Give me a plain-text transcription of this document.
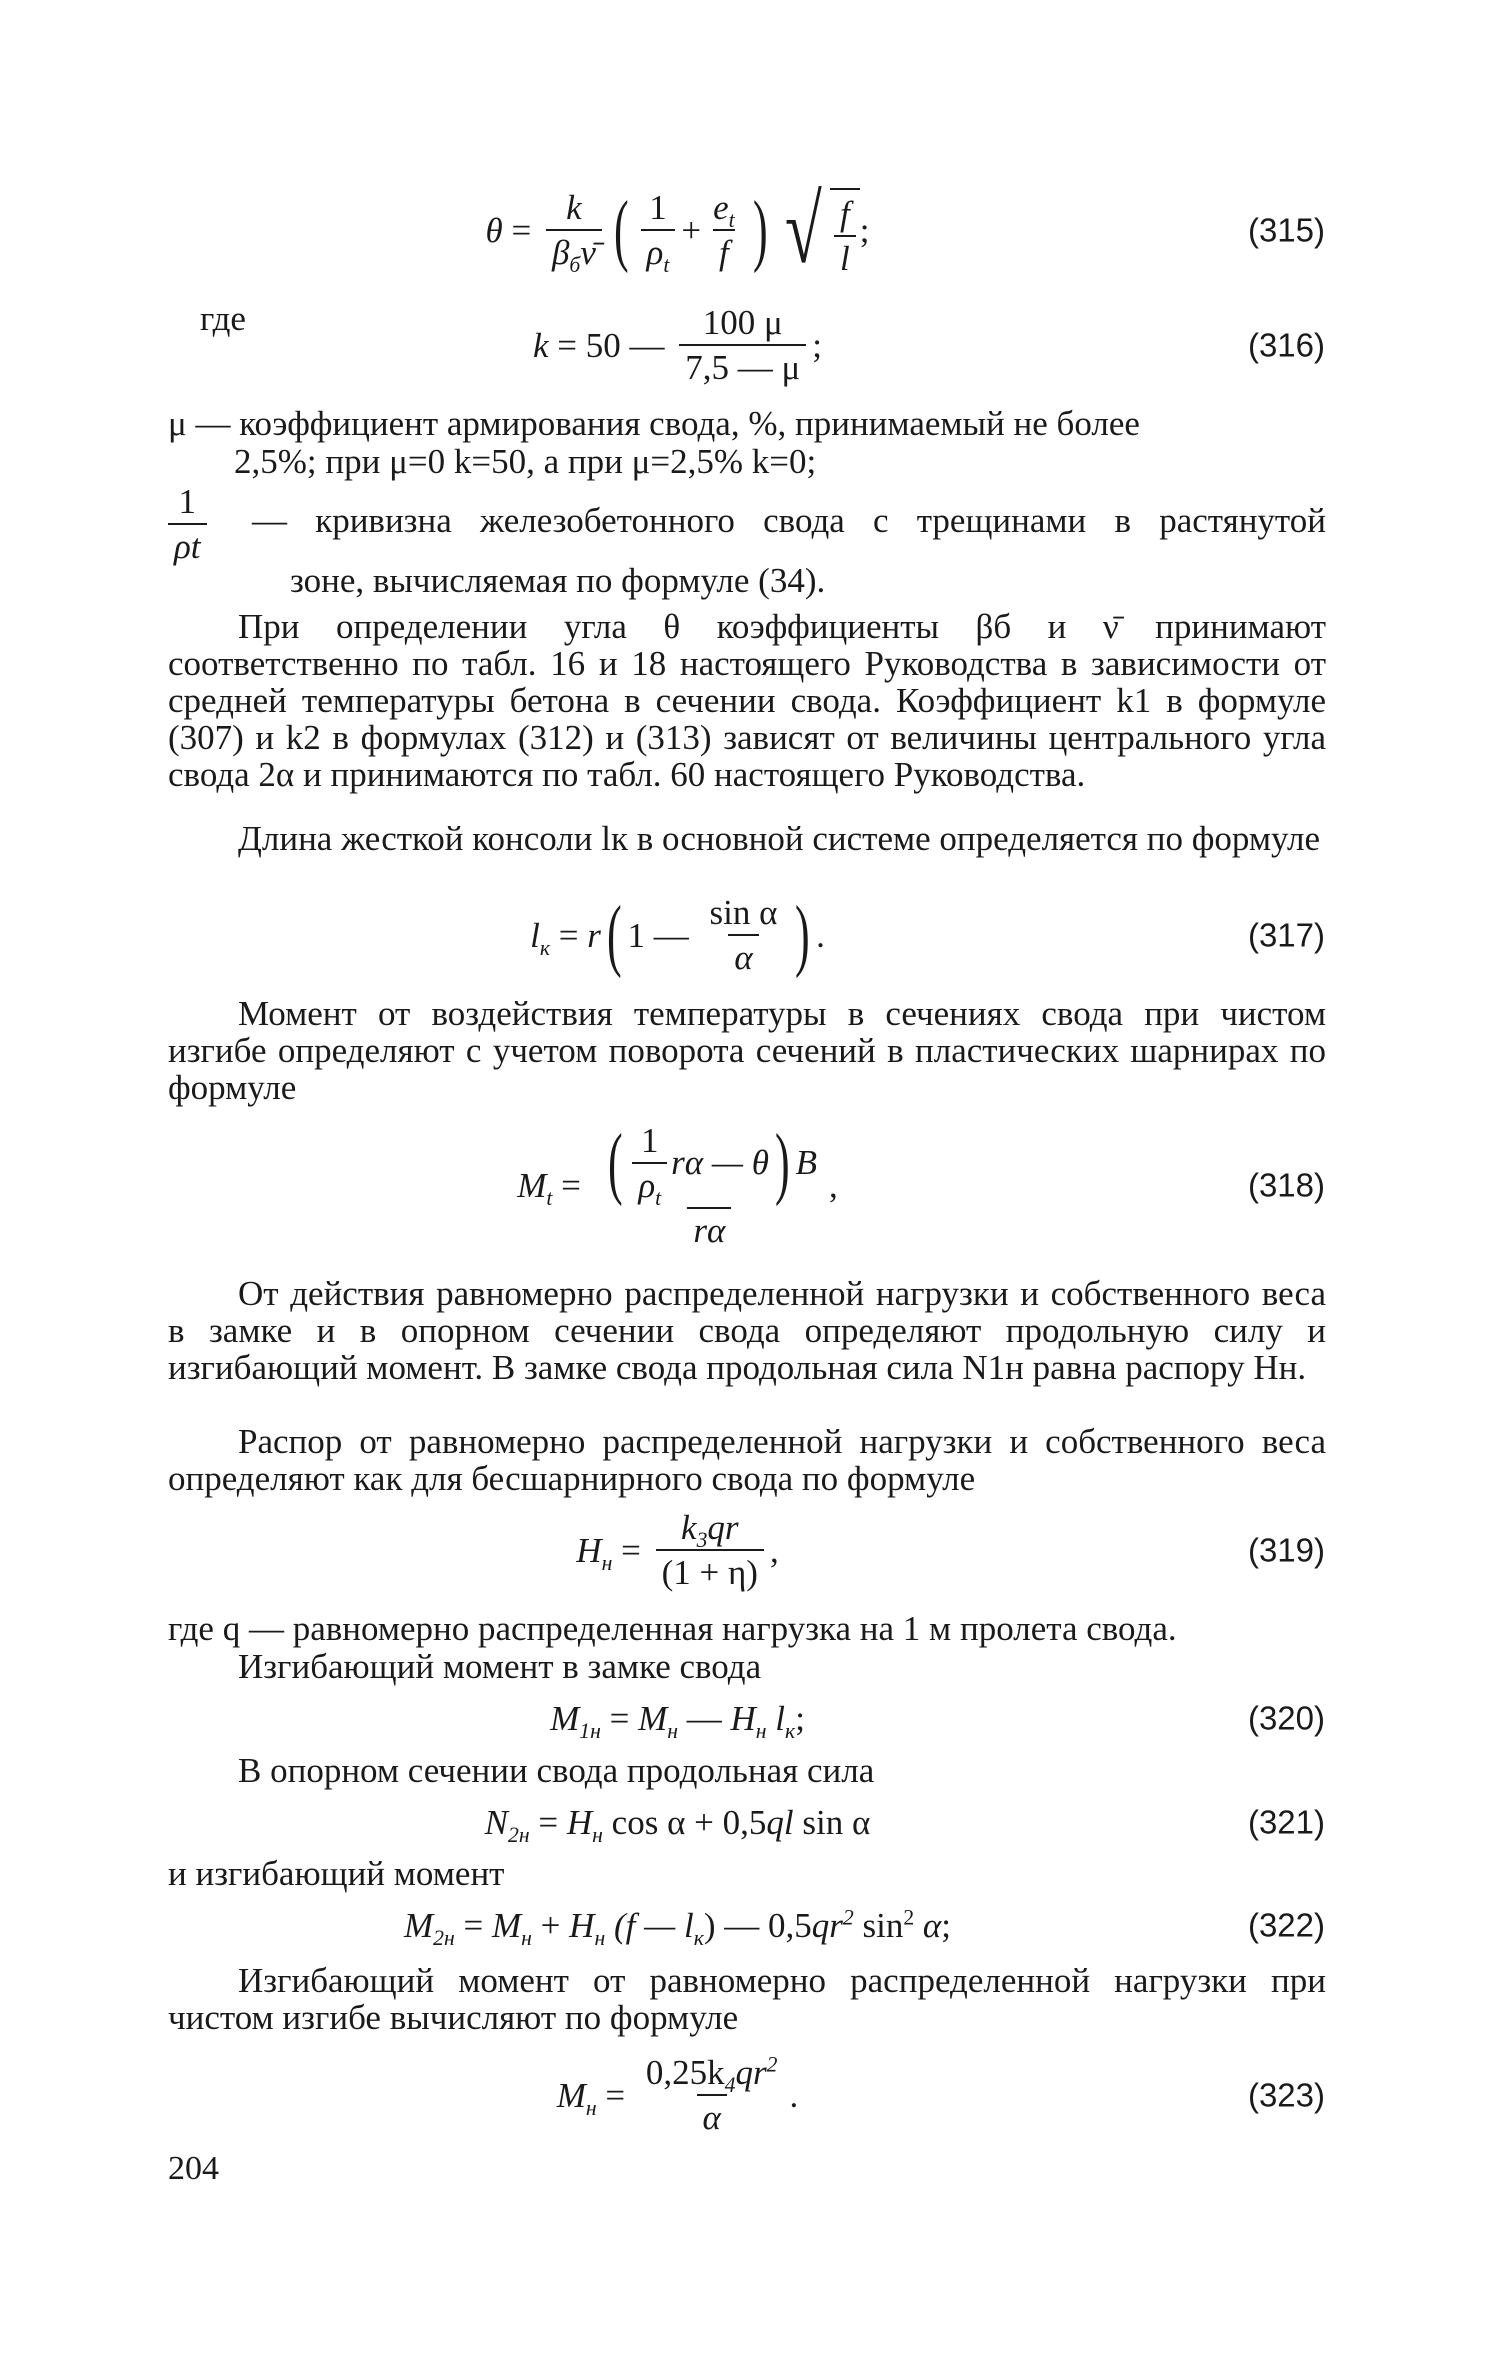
$\theta = \frac{k}{\beta_б\nū}$ ( $\frac{1}{\rho_t} + \frac{e_t}{f}$ ) √ $\frac{f}{l}$ ;	(315)
где
k = 50 — $\frac{100 \mu}{7,5 — \mu}$ ;	(316)
μ — коэффициент армирования свода, %, принимаемый не более
2,5%; при μ=0 k=50, а при μ=2,5% k=0;
$\frac{1}{\rho t}$ — кривизна железобетонного свода с трещинами в растянутой
зоне, вычисляемая по формуле (34).
При определении угла θ коэффициенты βб и ν̄ принимают соответственно по табл. 16 и 18 настоящего Руководства в зависимости от средней температуры бетона в сечении свода. Коэффициент k1 в формуле (307) и k2 в формулах (312) и (313) зависят от величины центрального угла свода 2α и принимаются по табл. 60 настоящего Руководства.
Длина жесткой консоли lк в основной системе определяется по формуле
$l_к = r$ ( 1 — $\frac{\text{sin α}}{\alpha}$ ) .	(317)
Момент от воздействия температуры в сечениях свода при чистом изгибе определяют с учетом поворота сечений в пластических шарнирах по формуле
$M_t$ = ( $\frac{1}{\rho_t}$ rα — θ ) B
rα
,	(318)
От действия равномерно распределенной нагрузки и собственного веса в замке и в опорном сечении свода определяют продольную силу и изгибающий момент. В замке свода продольная сила N1н равна распору Hн.
Распор от равномерно распределенной нагрузки и собственного веса определяют как для бесшарнирного свода по формуле
$H_н = \frac{k_3qr}{(1 + \eta)}$ ,	(319)
где q — равномерно распределенная нагрузка на 1 м пролета свода.
Изгибающий момент в замке свода
$M_{1н} = M_н$ — $H_н$
$l_к$ ;	(320)
В опорном сечении свода продольная сила
$N_{2н} = H_н$
cos α + 0,5 ql
sin α	(321)
и изгибающий момент
$M_{2н} = M_н + H_н$
(f — $l_к$ ) — 0,5 $qr^2$
$\sin^2$
α ;	(322)
Изгибающий момент от равномерно распределенной нагрузки при чистом изгибе вычисляют по формуле
$M_н = \frac{0,25k_4qr^2}{\alpha}$ .	(323)
204
